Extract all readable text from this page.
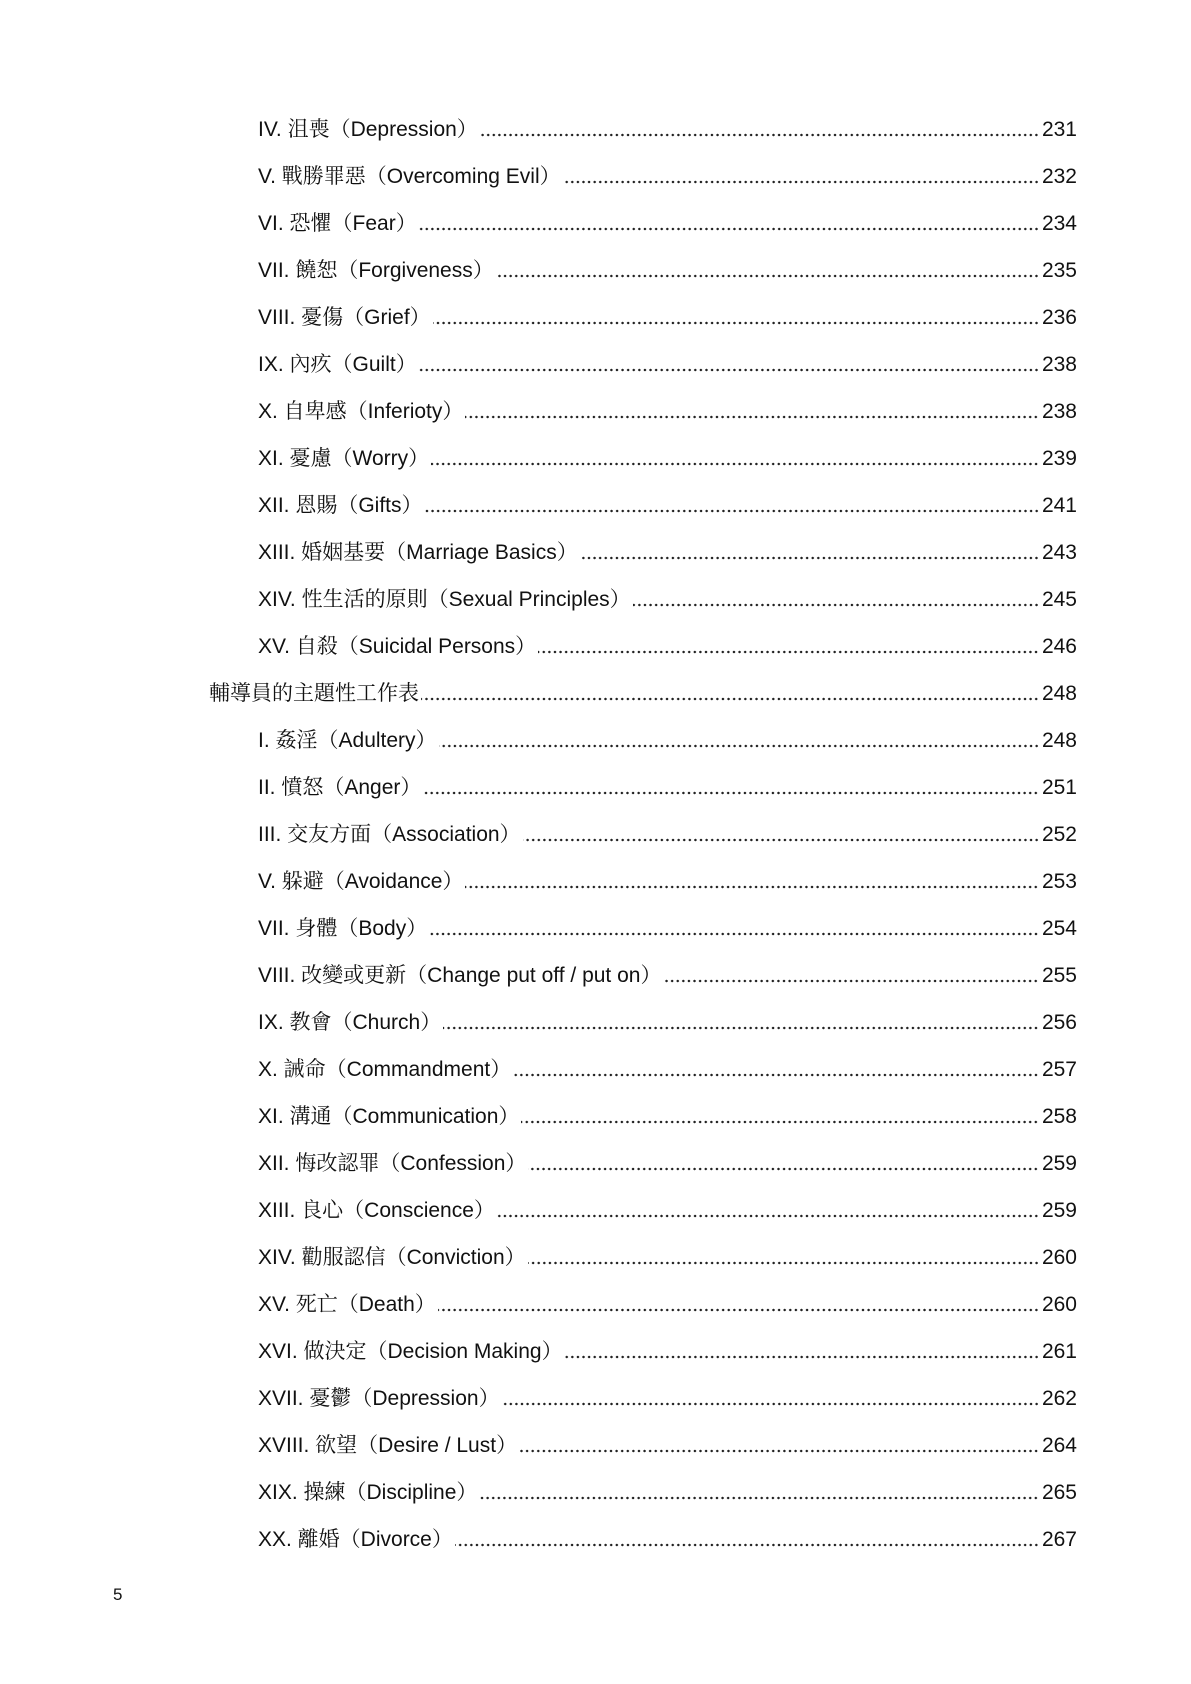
IV. 沮喪（Depression）	231
V. 戰勝罪惡（Overcoming Evil）	232
VI. 恐懼（Fear）	234
VII. 饒恕（Forgiveness）	235
VIII. 憂傷（Grief）	236
IX. 內疚（Guilt）	238
X. 自卑感（Inferioty）	238
XI. 憂慮（Worry）	239
XII. 恩賜（Gifts）	241
XIII. 婚姻基要（Marriage Basics）	243
XIV. 性生活的原則（Sexual Principles）	245
XV. 自殺（Suicidal Persons）	246
輔導員的主題性工作表	248
I. 姦淫（Adultery）	248
II. 憤怒（Anger）	251
III. 交友方面（Association）	252
V. 躲避（Avoidance）	253
VII. 身體（Body）	254
VIII. 改變或更新（Change put off / put on）	255
IX. 教會（Church）	256
X. 誡命（Commandment）	257
XI. 溝通（Communication）	258
XII. 悔改認罪（Confession）	259
XIII. 良心（Conscience）	259
XIV. 勸服認信（Conviction）	260
XV. 死亡（Death）	260
XVI. 做決定（Decision Making）	261
XVII. 憂鬱（Depression）	262
XVIII. 欲望（Desire / Lust）	264
XIX. 操練（Discipline）	265
XX. 離婚（Divorce）	267
5
